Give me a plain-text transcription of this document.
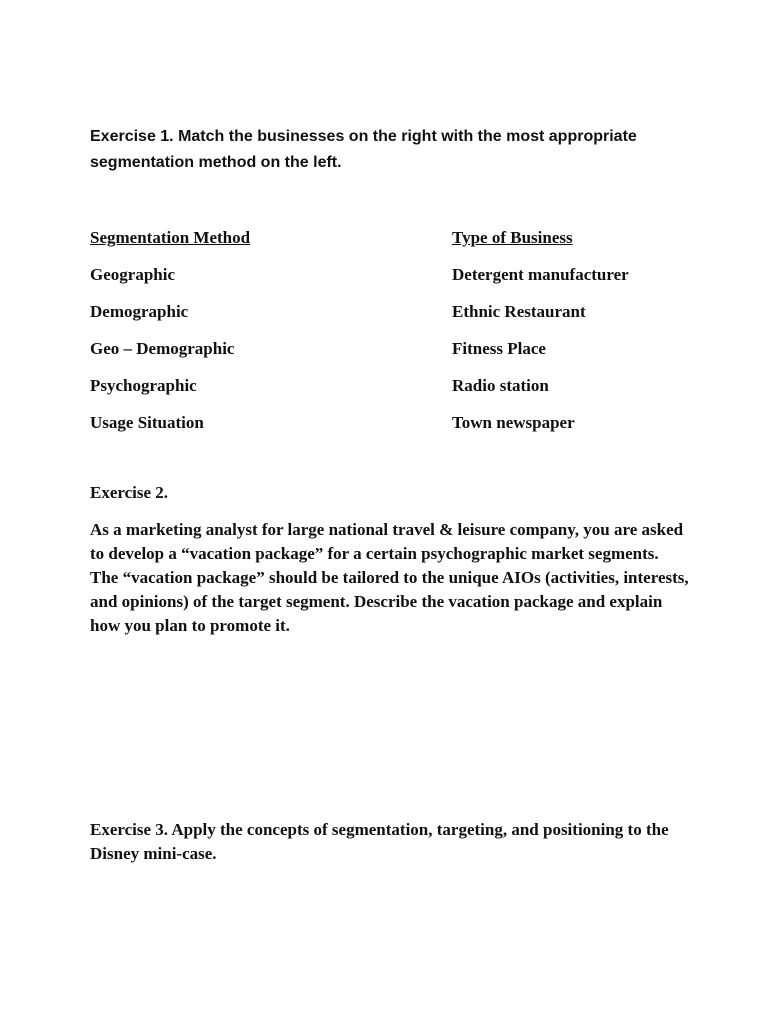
Exercise 1. Match the businesses on the right with the most appropriate segmentation method on the left.
Segmentation Method
Geographic
Demographic
Geo – Demographic
Psychographic
Usage Situation
Type of Business
Detergent manufacturer
Ethnic Restaurant
Fitness Place
Radio station
Town newspaper
Exercise 2.
As a marketing analyst for large national travel & leisure company, you are asked to develop a “vacation package” for a certain psychographic market segments. The “vacation package” should be tailored to the unique AIOs (activities, interests, and opinions) of the target segment. Describe the vacation package and explain how you plan to promote it.
Exercise 3. Apply the concepts of segmentation, targeting, and positioning to the Disney mini-case.
